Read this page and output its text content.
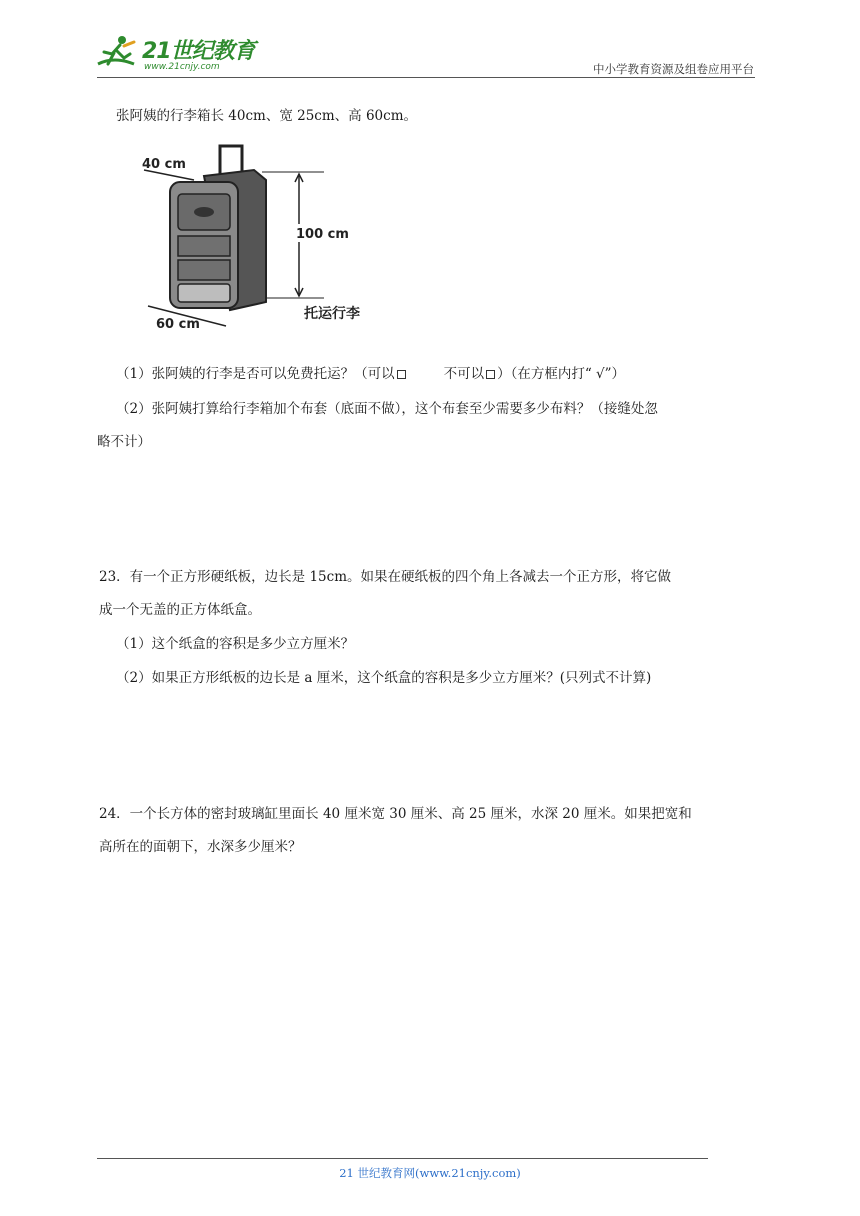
21世纪教育
www.21cnjy.com	中小学教育资源及组卷应用平台
张阿姨的行李箱长 40cm、宽 25cm、高 60cm。
40 cm
100 cm
60 cm
托运行李
（1）张阿姨的行李是否可以免费托运？（可以	不可以 ）（在方框内打“ √”）
（2）张阿姨打算给行李箱加个布套（底面不做），这个布套至少需要多少布料？（接缝处忽
略不计）
23．有一个正方形硬纸板，边长是 15cm。如果在硬纸板的四个角上各减去一个正方形，将它做
成一个无盖的正方体纸盒。
（1）这个纸盒的容积是多少立方厘米？
（2）如果正方形纸板的边长是 a 厘米，这个纸盒的容积是多少立方厘米？(只列式不计算)
24．一个长方体的密封玻璃缸里面长 40 厘米宽 30 厘米、高 25 厘米，水深 20 厘米。如果把宽和
高所在的面朝下，水深多少厘米？
21 世纪教育网(www.21cnjy.com)
